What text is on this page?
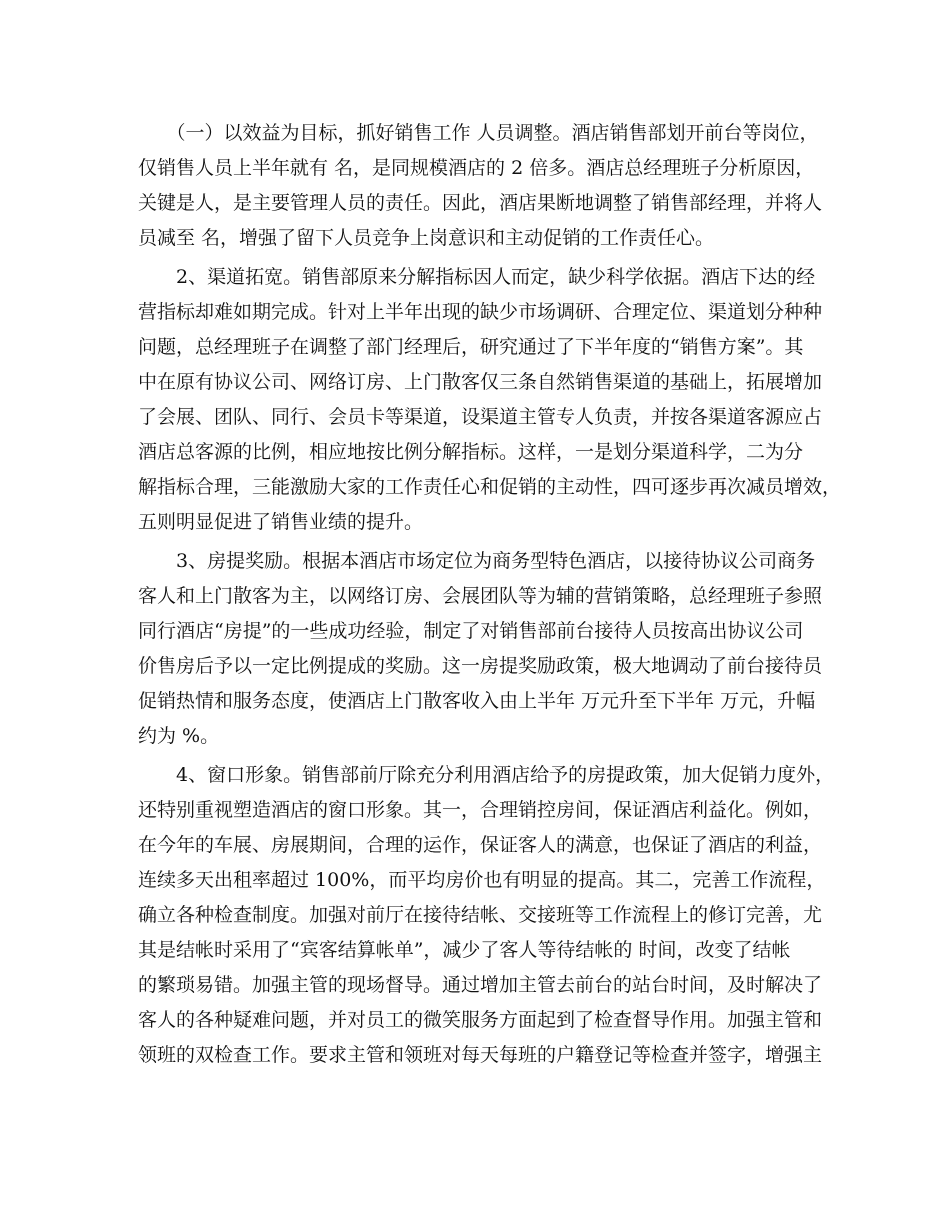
　　（一）以效益为目标，抓好销售工作 人员调整。酒店销售部划开前台等岗位，
仅销售人员上半年就有 名，是同规模酒店的 2 倍多。酒店总经理班子分析原因，
关键是人，是主要管理人员的责任。因此，酒店果断地调整了销售部经理，并将人
员减至 名，增强了留下人员竞争上岗意识和主动促销的工作责任心。
　　2、渠道拓宽。销售部原来分解指标因人而定，缺少科学依据。酒店下达的经
营指标却难如期完成。针对上半年出现的缺少市场调研、合理定位、渠道划分种种
问题，总经理班子在调整了部门经理后，研究通过了下半年度的“销售方案”。其
中在原有协议公司、网络订房、上门散客仅三条自然销售渠道的基础上，拓展增加
了会展、团队、同行、会员卡等渠道，设渠道主管专人负责，并按各渠道客源应占
酒店总客源的比例，相应地按比例分解指标。这样，一是划分渠道科学，二为分
解指标合理，三能激励大家的工作责任心和促销的主动性，四可逐步再次减员增效，
五则明显促进了销售业绩的提升。
　　3、房提奖励。根据本酒店市场定位为商务型特色酒店，以接待协议公司商务
客人和上门散客为主，以网络订房、会展团队等为辅的营销策略，总经理班子参照
同行酒店“房提”的一些成功经验，制定了对销售部前台接待人员按高出协议公司
价售房后予以一定比例提成的奖励。这一房提奖励政策，极大地调动了前台接待员
促销热情和服务态度，使酒店上门散客收入由上半年 万元升至下半年 万元，升幅
约为 %。
　　4、窗口形象。销售部前厅除充分利用酒店给予的房提政策，加大促销力度外，
还特别重视塑造酒店的窗口形象。其一，合理销控房间，保证酒店利益化。例如，
在今年的车展、房展期间，合理的运作，保证客人的满意，也保证了酒店的利益，
连续多天出租率超过 100%，而平均房价也有明显的提高。其二，完善工作流程，
确立各种检查制度。加强对前厅在接待结帐、交接班等工作流程上的修订完善，尤
其是结帐时采用了“宾客结算帐单”，减少了客人等待结帐的 时间，改变了结帐
的繁琐易错。加强主管的现场督导。通过增加主管去前台的站台时间，及时解决了
客人的各种疑难问题，并对员工的微笑服务方面起到了检查督导作用。加强主管和
领班的双检查工作。要求主管和领班对每天每班的户籍登记等检查并签字，增强主
